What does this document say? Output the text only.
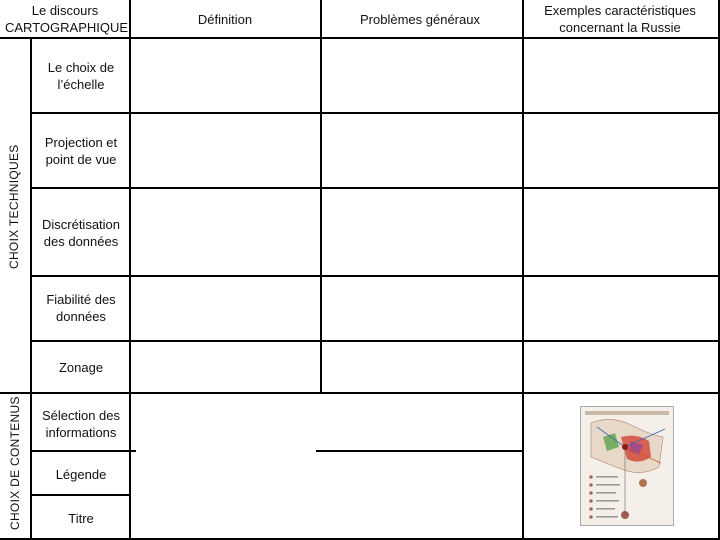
Le discours CARTOGRAPHIQUE
Définition	Problèmes généraux
Exemples caractéristiques concernant la Russie
CHOIX TECHNIQUES
CHOIX DE CONTENUS
Le choix de l’échelle
Projection et point de vue
Discrétisation des données
Fiabilité des données
Zonage
Sélection des informations
Légende
Titre
